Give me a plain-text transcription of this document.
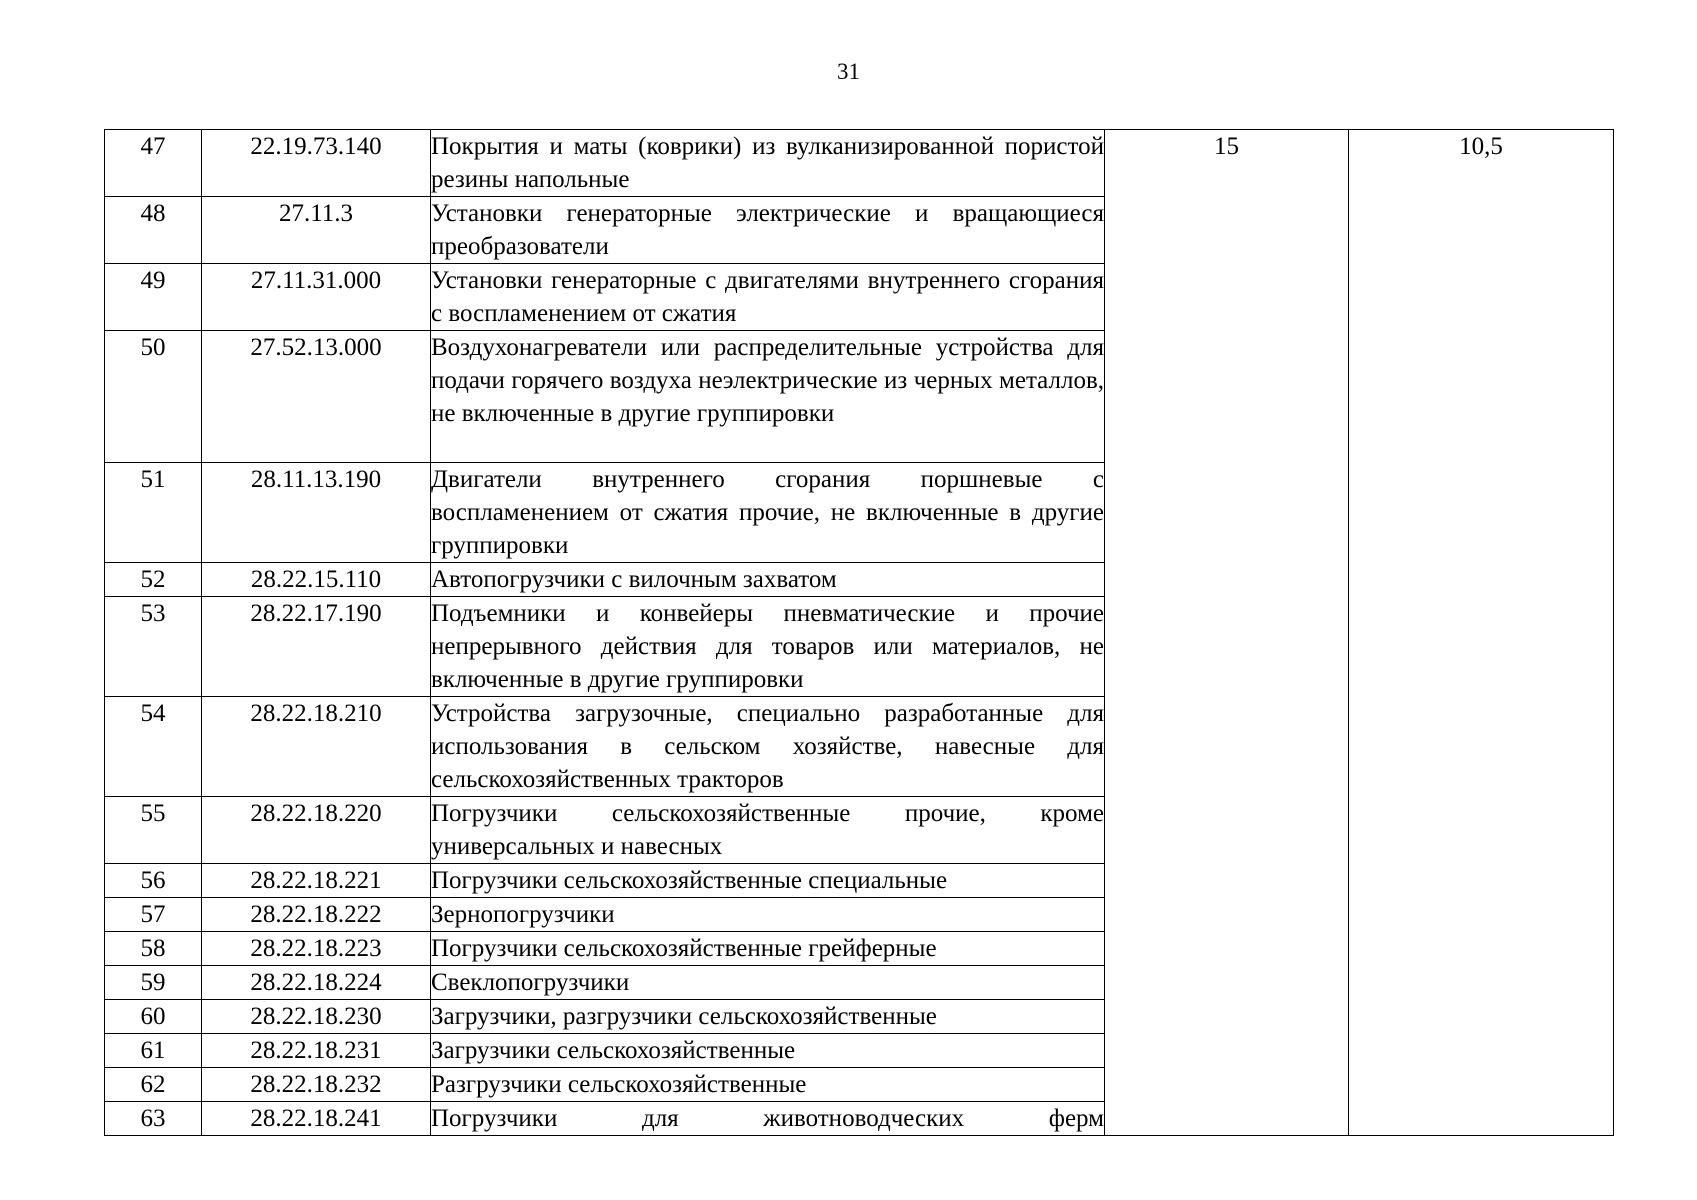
31
47	22.19.73.140	Покрытия и маты (коврики) из вулканизированной пористой резины напольные	15	10,5
48	27.11.3	Установки генераторные электрические и вращающиеся преобразователи		
49	27.11.31.000	Установки генераторные с двигателями внутреннего сгорания с воспламенением от сжатия		
50	27.52.13.000	Воздухонагреватели или распределительные устройства для подачи горячего воздуха неэлектрические из черных металлов, не включенные в другие группировки		
51	28.11.13.190	Двигатели внутреннего сгорания поршневые с воспламенением от сжатия прочие, не включенные в другие группировки		
52	28.22.15.110	Автопогрузчики с вилочным захватом		
53	28.22.17.190	Подъемники и конвейеры пневматические и прочие непрерывного действия для товаров или материалов, не включенные в другие группировки		
54	28.22.18.210	Устройства загрузочные, специально разработанные для использования в сельском хозяйстве, навесные для сельскохозяйственных тракторов		
55	28.22.18.220	Погрузчики сельскохозяйственные прочие, кроме универсальных и навесных		
56	28.22.18.221	Погрузчики сельскохозяйственные специальные		
57	28.22.18.222	Зернопогрузчики		
58	28.22.18.223	Погрузчики сельскохозяйственные грейферные		
59	28.22.18.224	Свеклопогрузчики		
60	28.22.18.230	Загрузчики, разгрузчики сельскохозяйственные		
61	28.22.18.231	Загрузчики сельскохозяйственные		
62	28.22.18.232	Разгрузчики сельскохозяйственные		
63	28.22.18.241	Погрузчики для животноводческих ферм		
